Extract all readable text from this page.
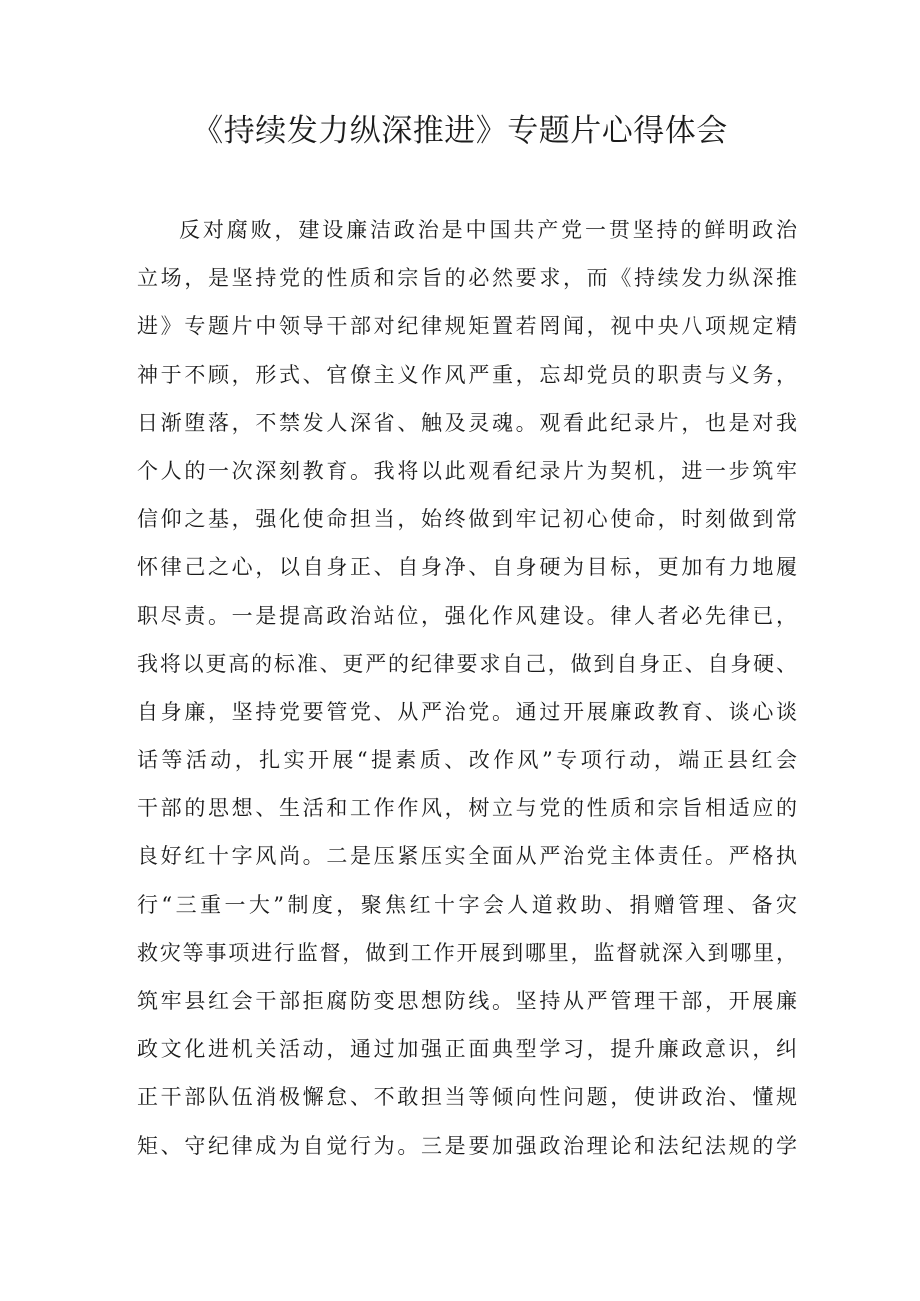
《持续发力纵深推进》专题片心得体会
反对腐败，建设廉洁政治是中国共产党一贯坚持的鲜明政治
立场，是坚持党的性质和宗旨的必然要求，而《持续发力纵深推
进》专题片中领导干部对纪律规矩置若罔闻，视中央八项规定精
神于不顾，形式、官僚主义作风严重，忘却党员的职责与义务，
日渐堕落，不禁发人深省、触及灵魂。观看此纪录片，也是对我
个人的一次深刻教育。我将以此观看纪录片为契机，进一步筑牢
信仰之基，强化使命担当，始终做到牢记初心使命，时刻做到常
怀律己之心，以自身正、自身净、自身硬为目标，更加有力地履
职尽责。一是提高政治站位，强化作风建设。律人者必先律已，
我将以更高的标准、更严的纪律要求自己，做到自身正、自身硬、
自身廉，坚持党要管党、从严治党。通过开展廉政教育、谈心谈
话等活动，扎实开展“提素质、改作风”专项行动，端正县红会
干部的思想、生活和工作作风，树立与党的性质和宗旨相适应的
良好红十字风尚。二是压紧压实全面从严治党主体责任。严格执
行“三重一大”制度，聚焦红十字会人道救助、捐赠管理、备灾
救灾等事项进行监督，做到工作开展到哪里，监督就深入到哪里，
筑牢县红会干部拒腐防变思想防线。坚持从严管理干部，开展廉
政文化进机关活动，通过加强正面典型学习，提升廉政意识，纠
正干部队伍消极懈怠、不敢担当等倾向性问题，使讲政治、懂规
矩、守纪律成为自觉行为。三是要加强政治理论和法纪法规的学
